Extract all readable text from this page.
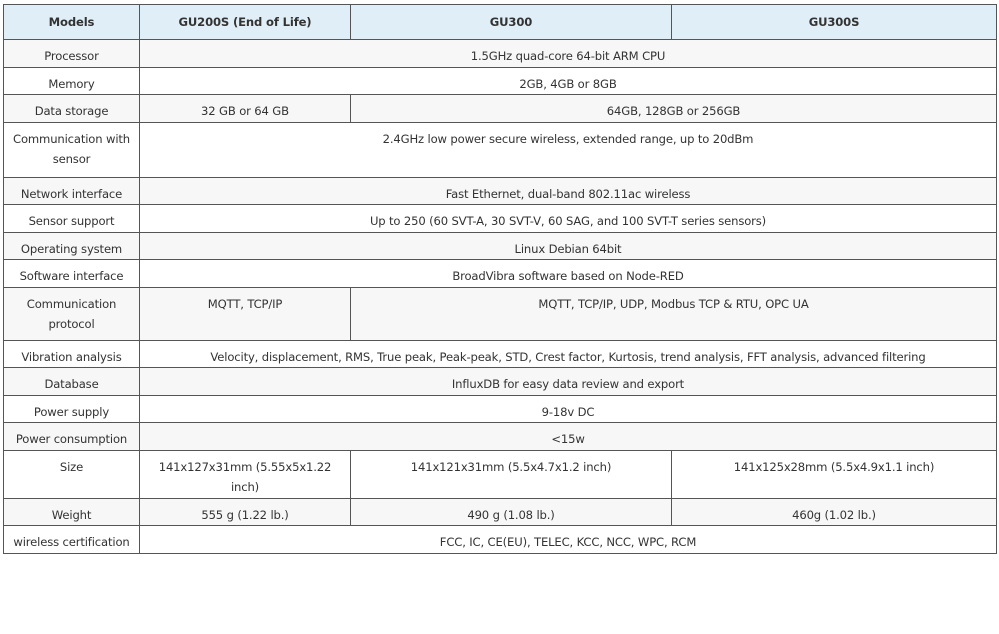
Models	GU200S (End of Life)	GU300	GU300S
Processor	1.5GHz quad-core 64-bit ARM CPU		
Memory	2GB, 4GB or 8GB		
Data storage	32 GB or 64 GB	64GB, 128GB or 256GB	
Communication with sensor	2.4GHz low power secure wireless, extended range, up to 20dBm		
Network interface	Fast Ethernet, dual-band 802.11ac wireless		
Sensor support	Up to 250 (60 SVT-A, 30 SVT-V, 60 SAG, and 100 SVT-T series sensors)		
Operating system	Linux Debian 64bit		
Software interface	BroadVibra software based on Node-RED		
Communication protocol	MQTT, TCP/IP	MQTT, TCP/IP, UDP, Modbus TCP & RTU, OPC UA	
Vibration analysis	Velocity, displacement, RMS, True peak, Peak-peak, STD, Crest factor, Kurtosis, trend analysis, FFT analysis, advanced filtering		
Database	InfluxDB for easy data review and export		
Power supply	9-18v DC		
Power consumption	<15w		
Size	141x127x31mm (5.55x5x1.22 inch)	141x121x31mm (5.5x4.7x1.2 inch)	141x125x28mm (5.5x4.9x1.1 inch)
Weight	555 g (1.22 lb.)	490 g (1.08 lb.)	460g (1.02 lb.)
wireless certification	FCC, IC, CE(EU), TELEC, KCC, NCC, WPC, RCM		
